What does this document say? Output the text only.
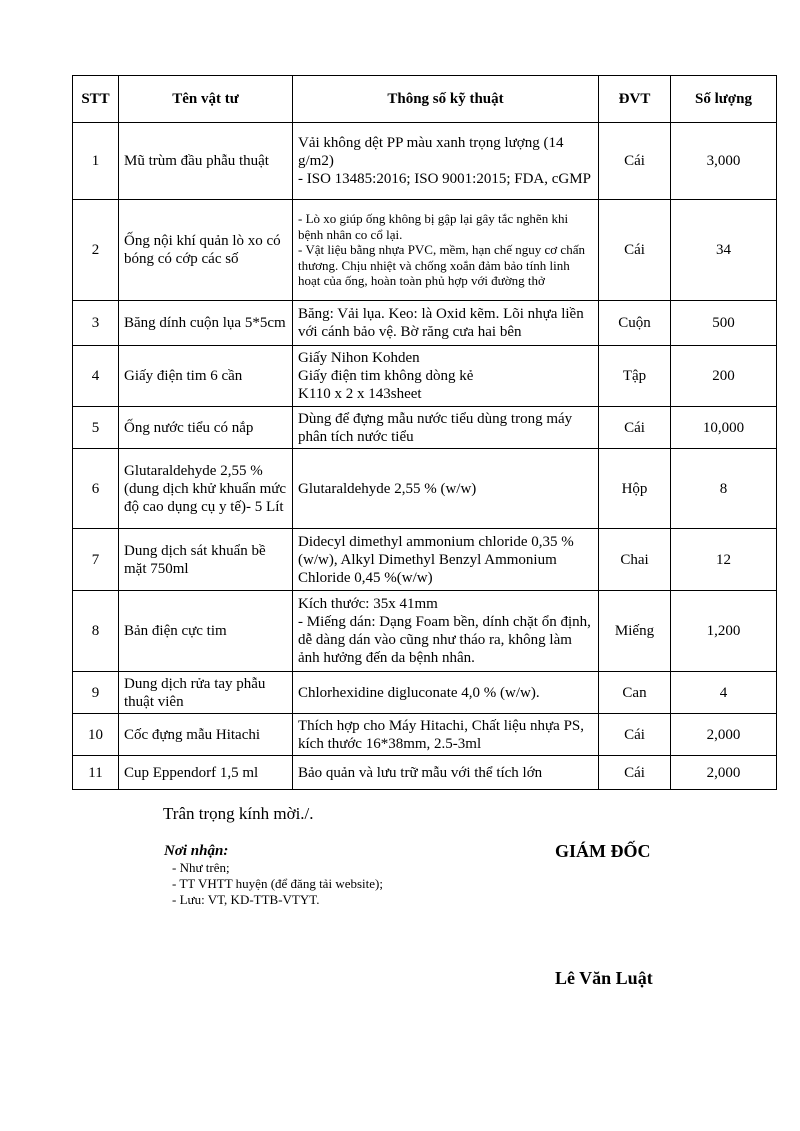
STT	Tên vật tư	Thông số kỹ thuật	ĐVT	Số lượng
1	Mũ trùm đầu phẫu thuật	Vải không dệt PP màu xanh trọng lượng (14 g/m2)
- ISO 13485:2016; ISO 9001:2015; FDA, cGMP	Cái	3,000
2	Ống nội khí quản lò xo có bóng có cớp các số	- Lò xo giúp ống không bị gập lại gây tắc nghẽn khi bệnh nhân co cổ lại.
- Vật liệu bằng nhựa PVC, mềm, hạn chế nguy cơ chấn thương. Chịu nhiệt và chống xoắn đảm bảo tính linh hoạt của ống, hoàn toàn phủ hợp với đường thở	Cái	34
3	Băng dính cuộn lụa 5*5cm	Băng: Vải lụa. Keo: là Oxid kẽm. Lõi nhựa liền với cánh bảo vệ. Bờ răng cưa hai bên	Cuộn	500
4	Giấy điện tim 6 cần	Giấy Nihon Kohden
Giấy điện tim không dòng kẻ
K110 x 2 x 143sheet	Tập	200
5	Ống nước tiểu có nắp	Dùng để đựng mẫu nước tiểu dùng trong máy phân tích nước tiểu	Cái	10,000
6	Glutaraldehyde 2,55 % (dung dịch khử khuẩn mức độ cao dụng cụ y tế)- 5 Lít	Glutaraldehyde 2,55 % (w/w)	Hộp	8
7	Dung dịch sát khuẩn bề mặt 750ml	Didecyl dimethyl ammonium chloride 0,35 %(w/w), Alkyl Dimethyl Benzyl Ammonium Chloride 0,45 %(w/w)	Chai	12
8	Bản điện cực tim	Kích thước: 35x 41mm
- Miếng dán: Dạng Foam bền, dính chặt ổn định, dễ dàng dán vào cũng như tháo ra, không làm ảnh hưởng đến da bệnh nhân.	Miếng	1,200
9	Dung dịch rửa tay phẫu thuật viên	Chlorhexidine digluconate 4,0 % (w/w).	Can	4
10	Cốc đựng mẫu Hitachi	Thích hợp cho Máy Hitachi, Chất liệu nhựa PS, kích thước 16*38mm, 2.5-3ml	Cái	2,000
11	Cup Eppendorf 1,5 ml	Bảo quản và lưu trữ mẫu với thể tích lớn	Cái	2,000
Trân trọng kính mời./.
Nơi nhận:
- Như trên;
- TT VHTT huyện (để đăng tải website);
- Lưu: VT, KD-TTB-VTYT.
GIÁM ĐỐC
Lê Văn Luật
